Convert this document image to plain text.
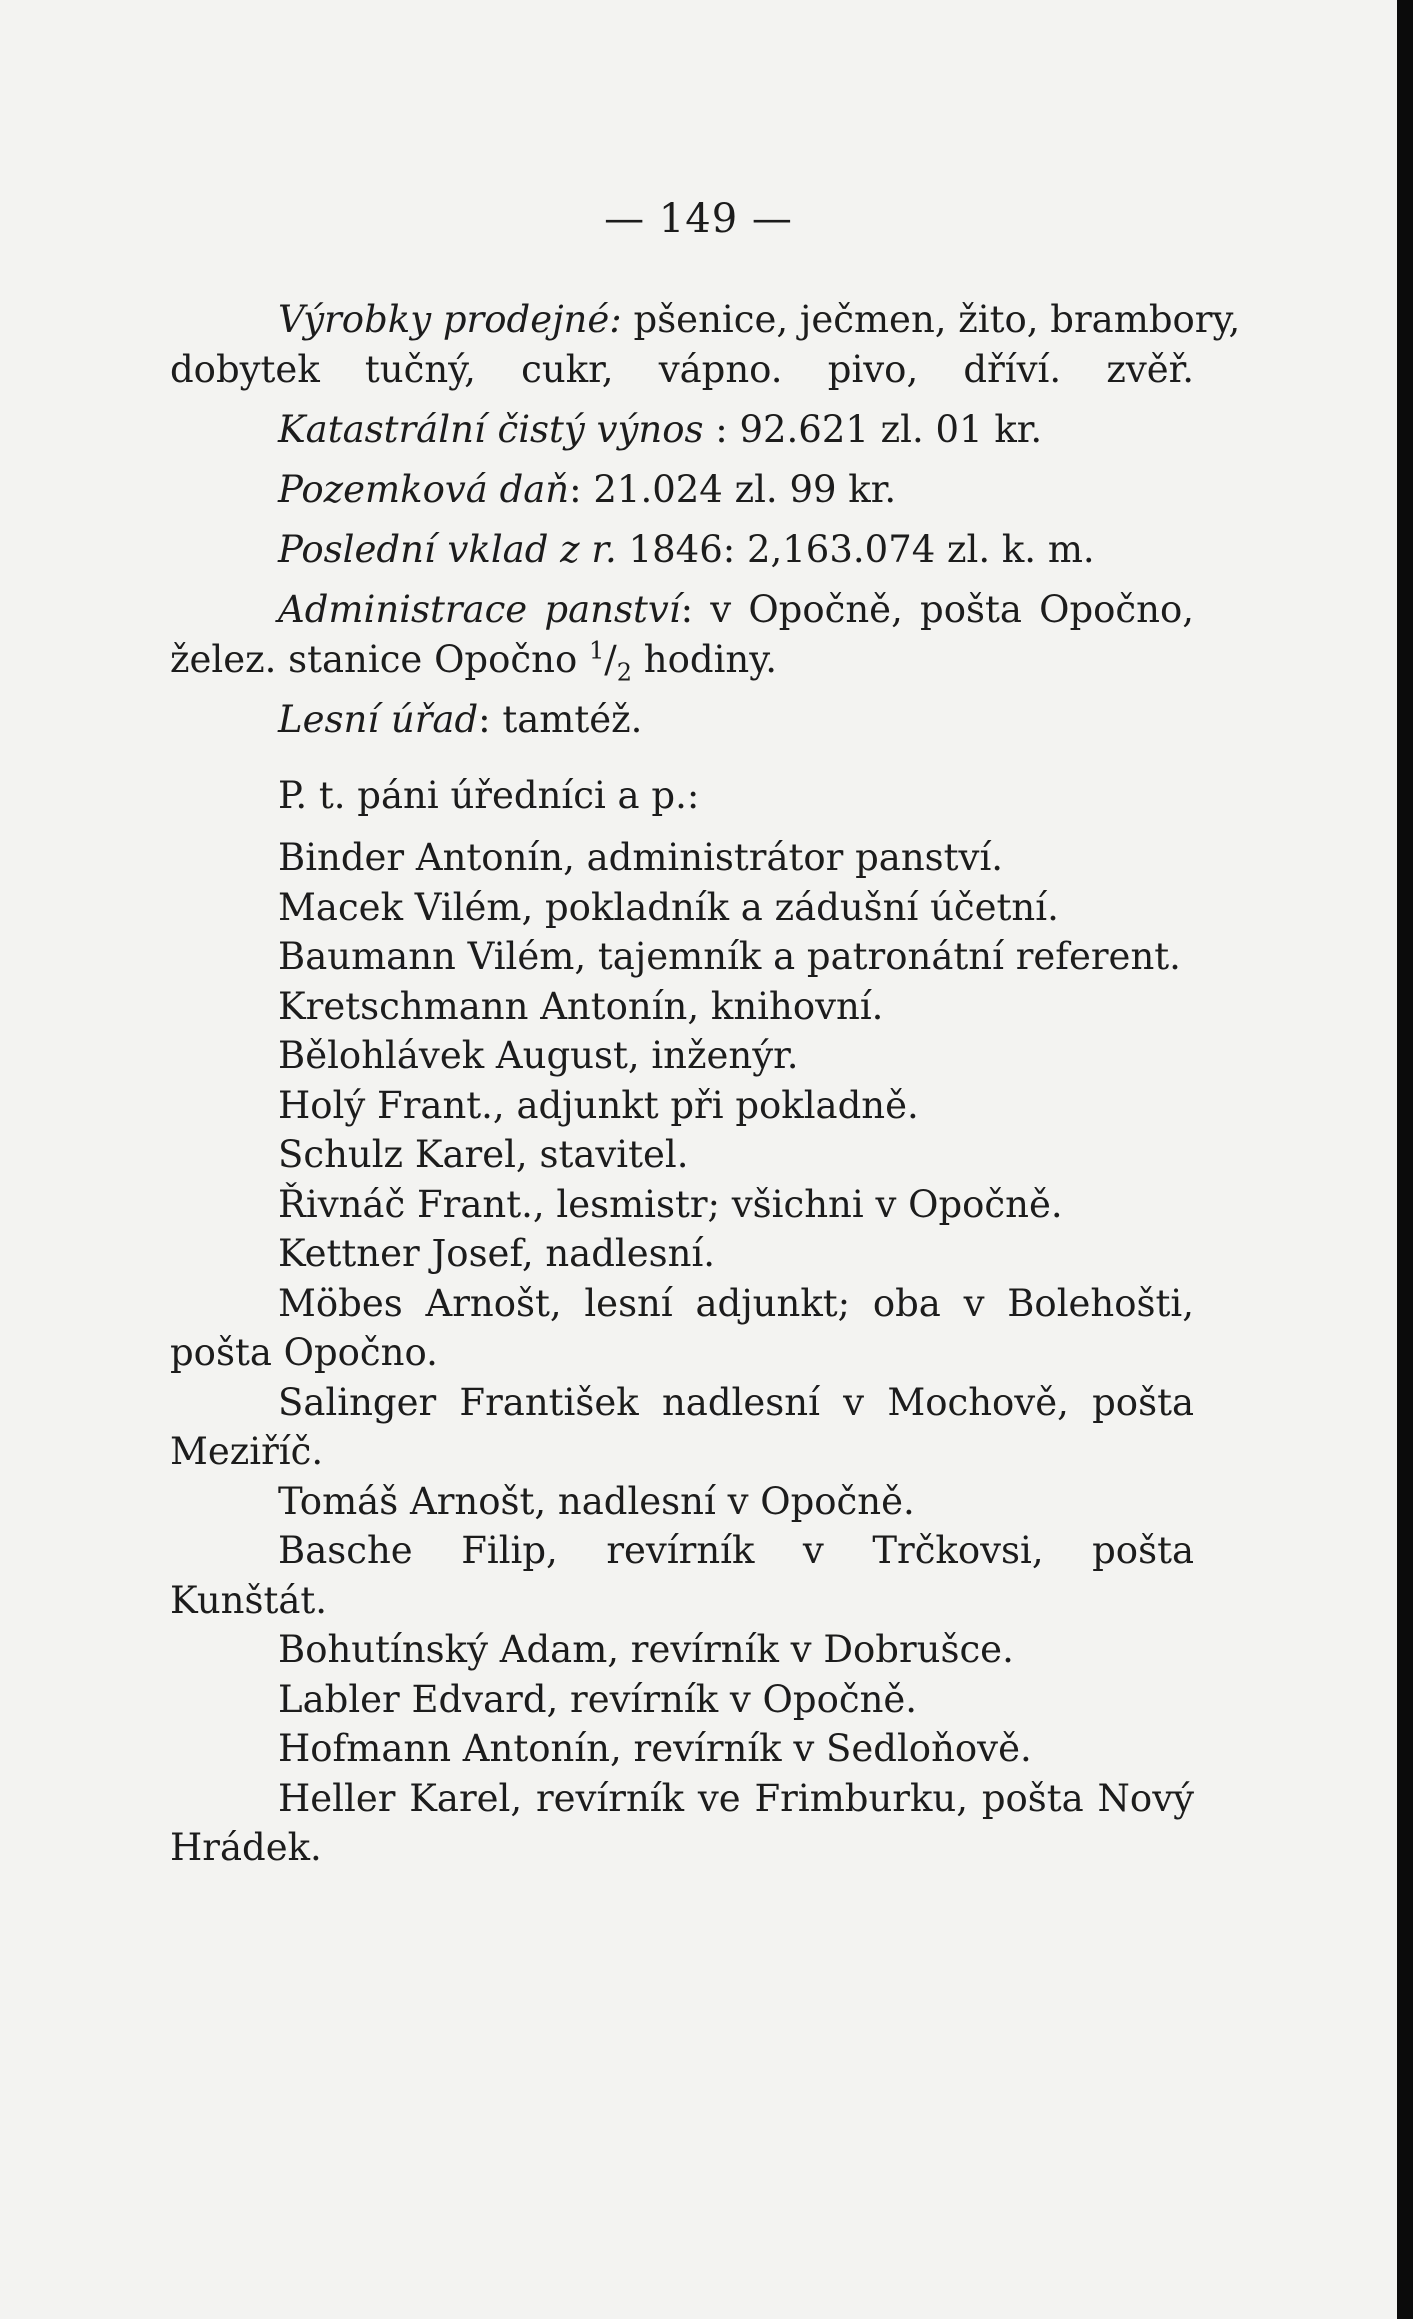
— 149 —
Výrobky prodejné: pšenice, ječmen, žito, brambory,
dobytek tučný, cukr, vápno. pivo, dříví. zvěř.
Katastrální čistý výnos : 92.621 zl. 01 kr.
Pozemková daň: 21.024 zl. 99 kr.
Poslední vklad z r. 1846: 2,163.074 zl. k. m.
Administrace panství: v Opočně, pošta Opočno,
želez. stanice Opočno $^1/_2$ hodiny.
Lesní úřad: tamtéž.
P. t. páni úředníci a p.:
Binder Antonín, administrátor panství.
Macek Vilém, pokladník a zádušní účetní.
Baumann Vilém, tajemník a patronátní referent.
Kretschmann Antonín, knihovní.
Bělohlávek August, inženýr.
Holý Frant., adjunkt při pokladně.
Schulz Karel, stavitel.
Řivnáč Frant., lesmistr; všichni v Opočně.
Kettner Josef, nadlesní.
Möbes Arnošt, lesní adjunkt; oba v Bolehošti,
pošta Opočno.
Salinger František nadlesní v Mochově, pošta
Meziříč.
Tomáš Arnošt, nadlesní v Opočně.
Basche Filip, revírník v Trčkovsi, pošta
Kunštát.
Bohutínský Adam, revírník v Dobrušce.
Labler Edvard, revírník v Opočně.
Hofmann Antonín, revírník v Sedloňově.
Heller Karel, revírník ve Frimburku, pošta Nový
Hrádek.
